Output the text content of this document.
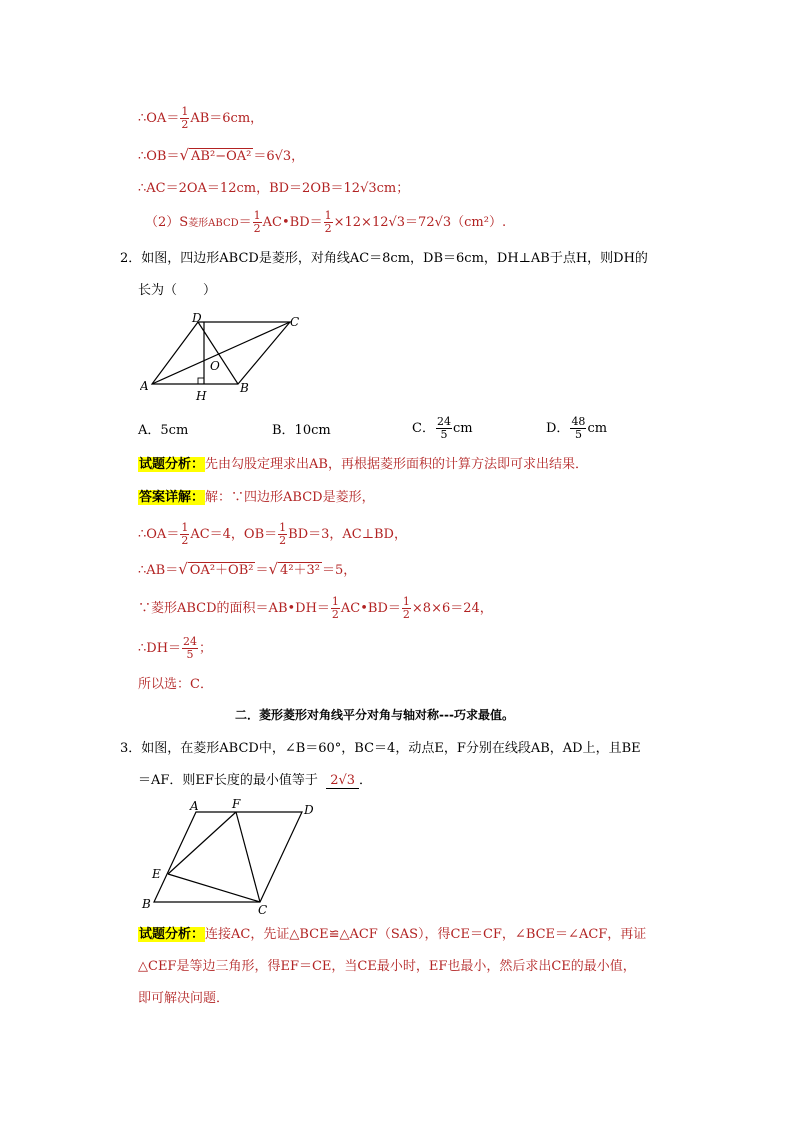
∴OA＝ $\frac{1}{2} AB=6cm$，
∴OB＝√ AB²−OA² ＝6√3，
∴AC＝2OA＝12cm，BD＝2OB＝12√3cm；
（2）S菱形ABCD＝ $\frac{1}{2}$ AC•BD＝ $\frac{1}{2} \times 12\times 12√3=72√3(cm^2)$.
2．如图，四边形ABCD是菱形，对角线AC＝8cm，DB＝6cm，DH⊥AB于点H，则DH的
长为（　　）
D	C
O
A
H
B
A．5cm	B．10cm	C． $\frac{24}{5}$ cm	D． $\frac{48}{5}$ cm
试题分析：先由勾股定理求出AB，再根据菱形面积的计算方法即可求出结果．
答案详解：解：∵四边形ABCD是菱形，
∴OA＝ $\frac{1}{2} AC=4$，$OB= \frac{1}{2} BD=3$，AC⊥BD，
∴AB＝√ OA²＋OB² ＝√ 4²＋3² ＝5，
∵菱形ABCD的面积＝AB•DH＝ $\frac{1}{2}$ AC•BD＝ $\frac{1}{2} \times 8\times 6=24$，
∴DH＝ $\frac{24}{5}$ ；
所以选：C．
二．菱形菱形对角线平分对角与轴对称---巧求最值。
3．如图，在菱形ABCD中，∠B＝60°，BC＝4，动点E，F分别在线段AB，AD上，且BE
＝AF．则EF长度的最小值等于 2√3 ．
A	F	D
E
B	C
试题分析：连接AC，先证△BCE≌△ACF（SAS），得CE＝CF，∠BCE＝∠ACF，再证
△CEF是等边三角形，得EF＝CE，当CE最小时，EF也最小，然后求出CE的最小值，
即可解决问题．
